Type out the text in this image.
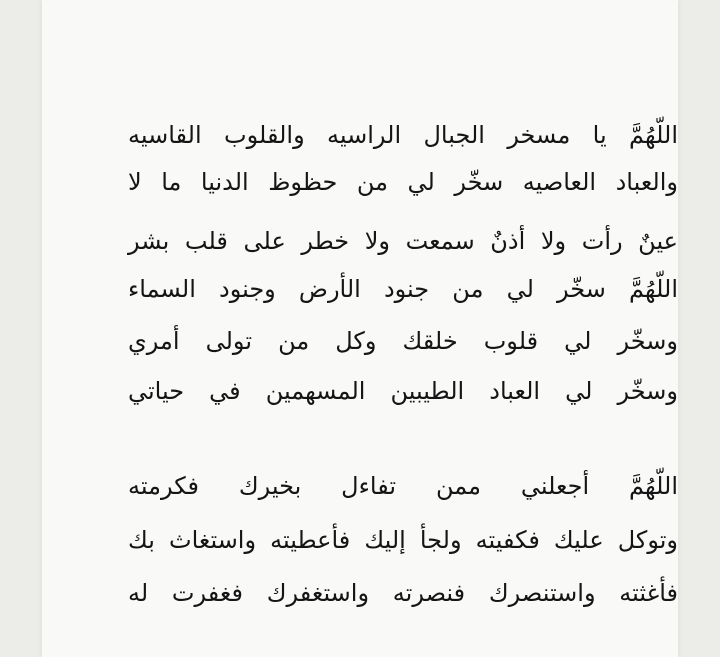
اللّهُمَّ يا مسخر الجبال الراسيه والقلوب القاسيه
والعباد العاصيه سخّر لي من حظوظ الدنيا ما لا
عينٌ رأت ولا أذنٌ سمعت ولا خطر على قلب بشر
اللّهُمَّ سخّر لي من جنود الأرض وجنود السماء
وسخّر لي قلوب خلقك وكل من تولى أمري
وسخّر لي العباد الطيبين المسهمين في حياتي
اللّهُمَّ أجعلني ممن تفاءل بخيرك فكرمته
وتوكل عليك فكفيته ولجأ إليك فأعطيته واستغاث بك
فأغثته واستنصرك فنصرته واستغفرك فغفرت له
